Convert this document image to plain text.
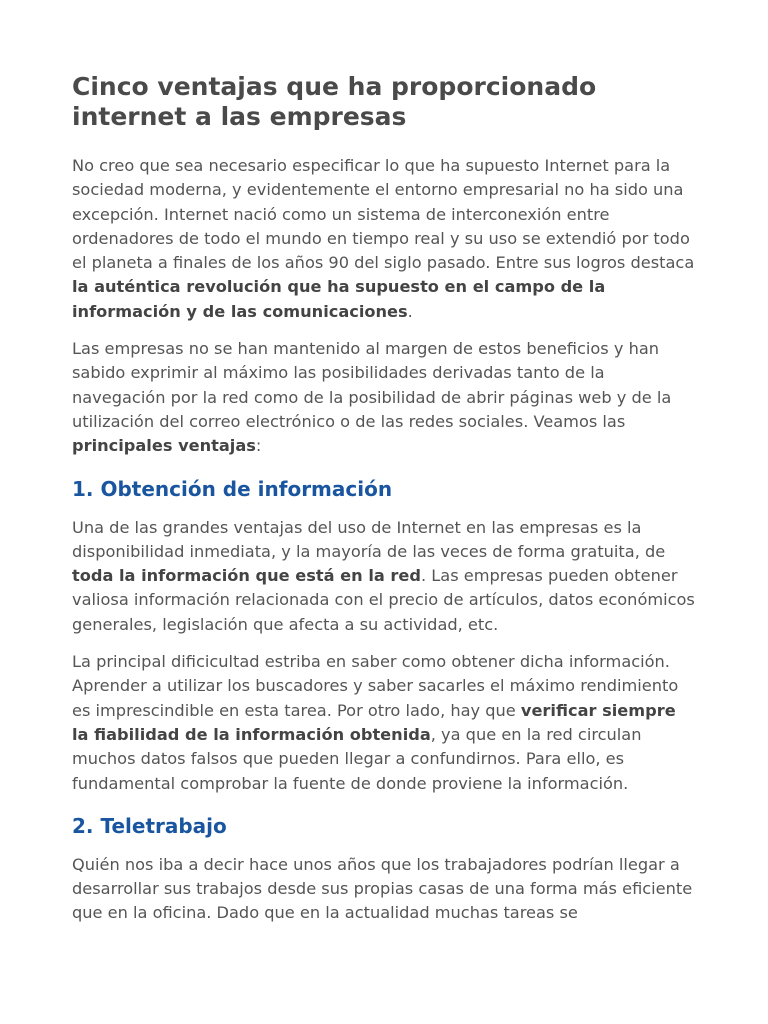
Cinco ventajas que ha proporcionado internet a las empresas

No creo que sea necesario especificar lo que ha supuesto Internet para la sociedad moderna, y evidentemente el entorno empresarial no ha sido una excepción. Internet nació como un sistema de interconexión entre ordenadores de todo el mundo en tiempo real y su uso se extendió por todo el planeta a finales de los años 90 del siglo pasado. Entre sus logros destaca la auténtica revolución que ha supuesto en el campo de la información y de las comunicaciones.

Las empresas no se han mantenido al margen de estos beneficios y han sabido exprimir al máximo las posibilidades derivadas tanto de la navegación por la red como de la posibilidad de abrir páginas web y de la utilización del correo electrónico o de las redes sociales. Veamos las principales ventajas:

1. Obtención de información

Una de las grandes ventajas del uso de Internet en las empresas es la disponibilidad inmediata, y la mayoría de las veces de forma gratuita, de toda la información que está en la red. Las empresas pueden obtener valiosa información relacionada con el precio de artículos, datos económicos generales, legislación que afecta a su actividad, etc.

La principal dificicultad estriba en saber como obtener dicha información. Aprender a utilizar los buscadores y saber sacarles el máximo rendimiento es imprescindible en esta tarea. Por otro lado, hay que verificar siempre la fiabilidad de la información obtenida, ya que en la red circulan muchos datos falsos que pueden llegar a confundirnos. Para ello, es fundamental comprobar la fuente de donde proviene la información.

2. Teletrabajo

Quién nos iba a decir hace unos años que los trabajadores podrían llegar a desarrollar sus trabajos desde sus propias casas de una forma más eficiente que en la oficina. Dado que en la actualidad muchas tareas se
